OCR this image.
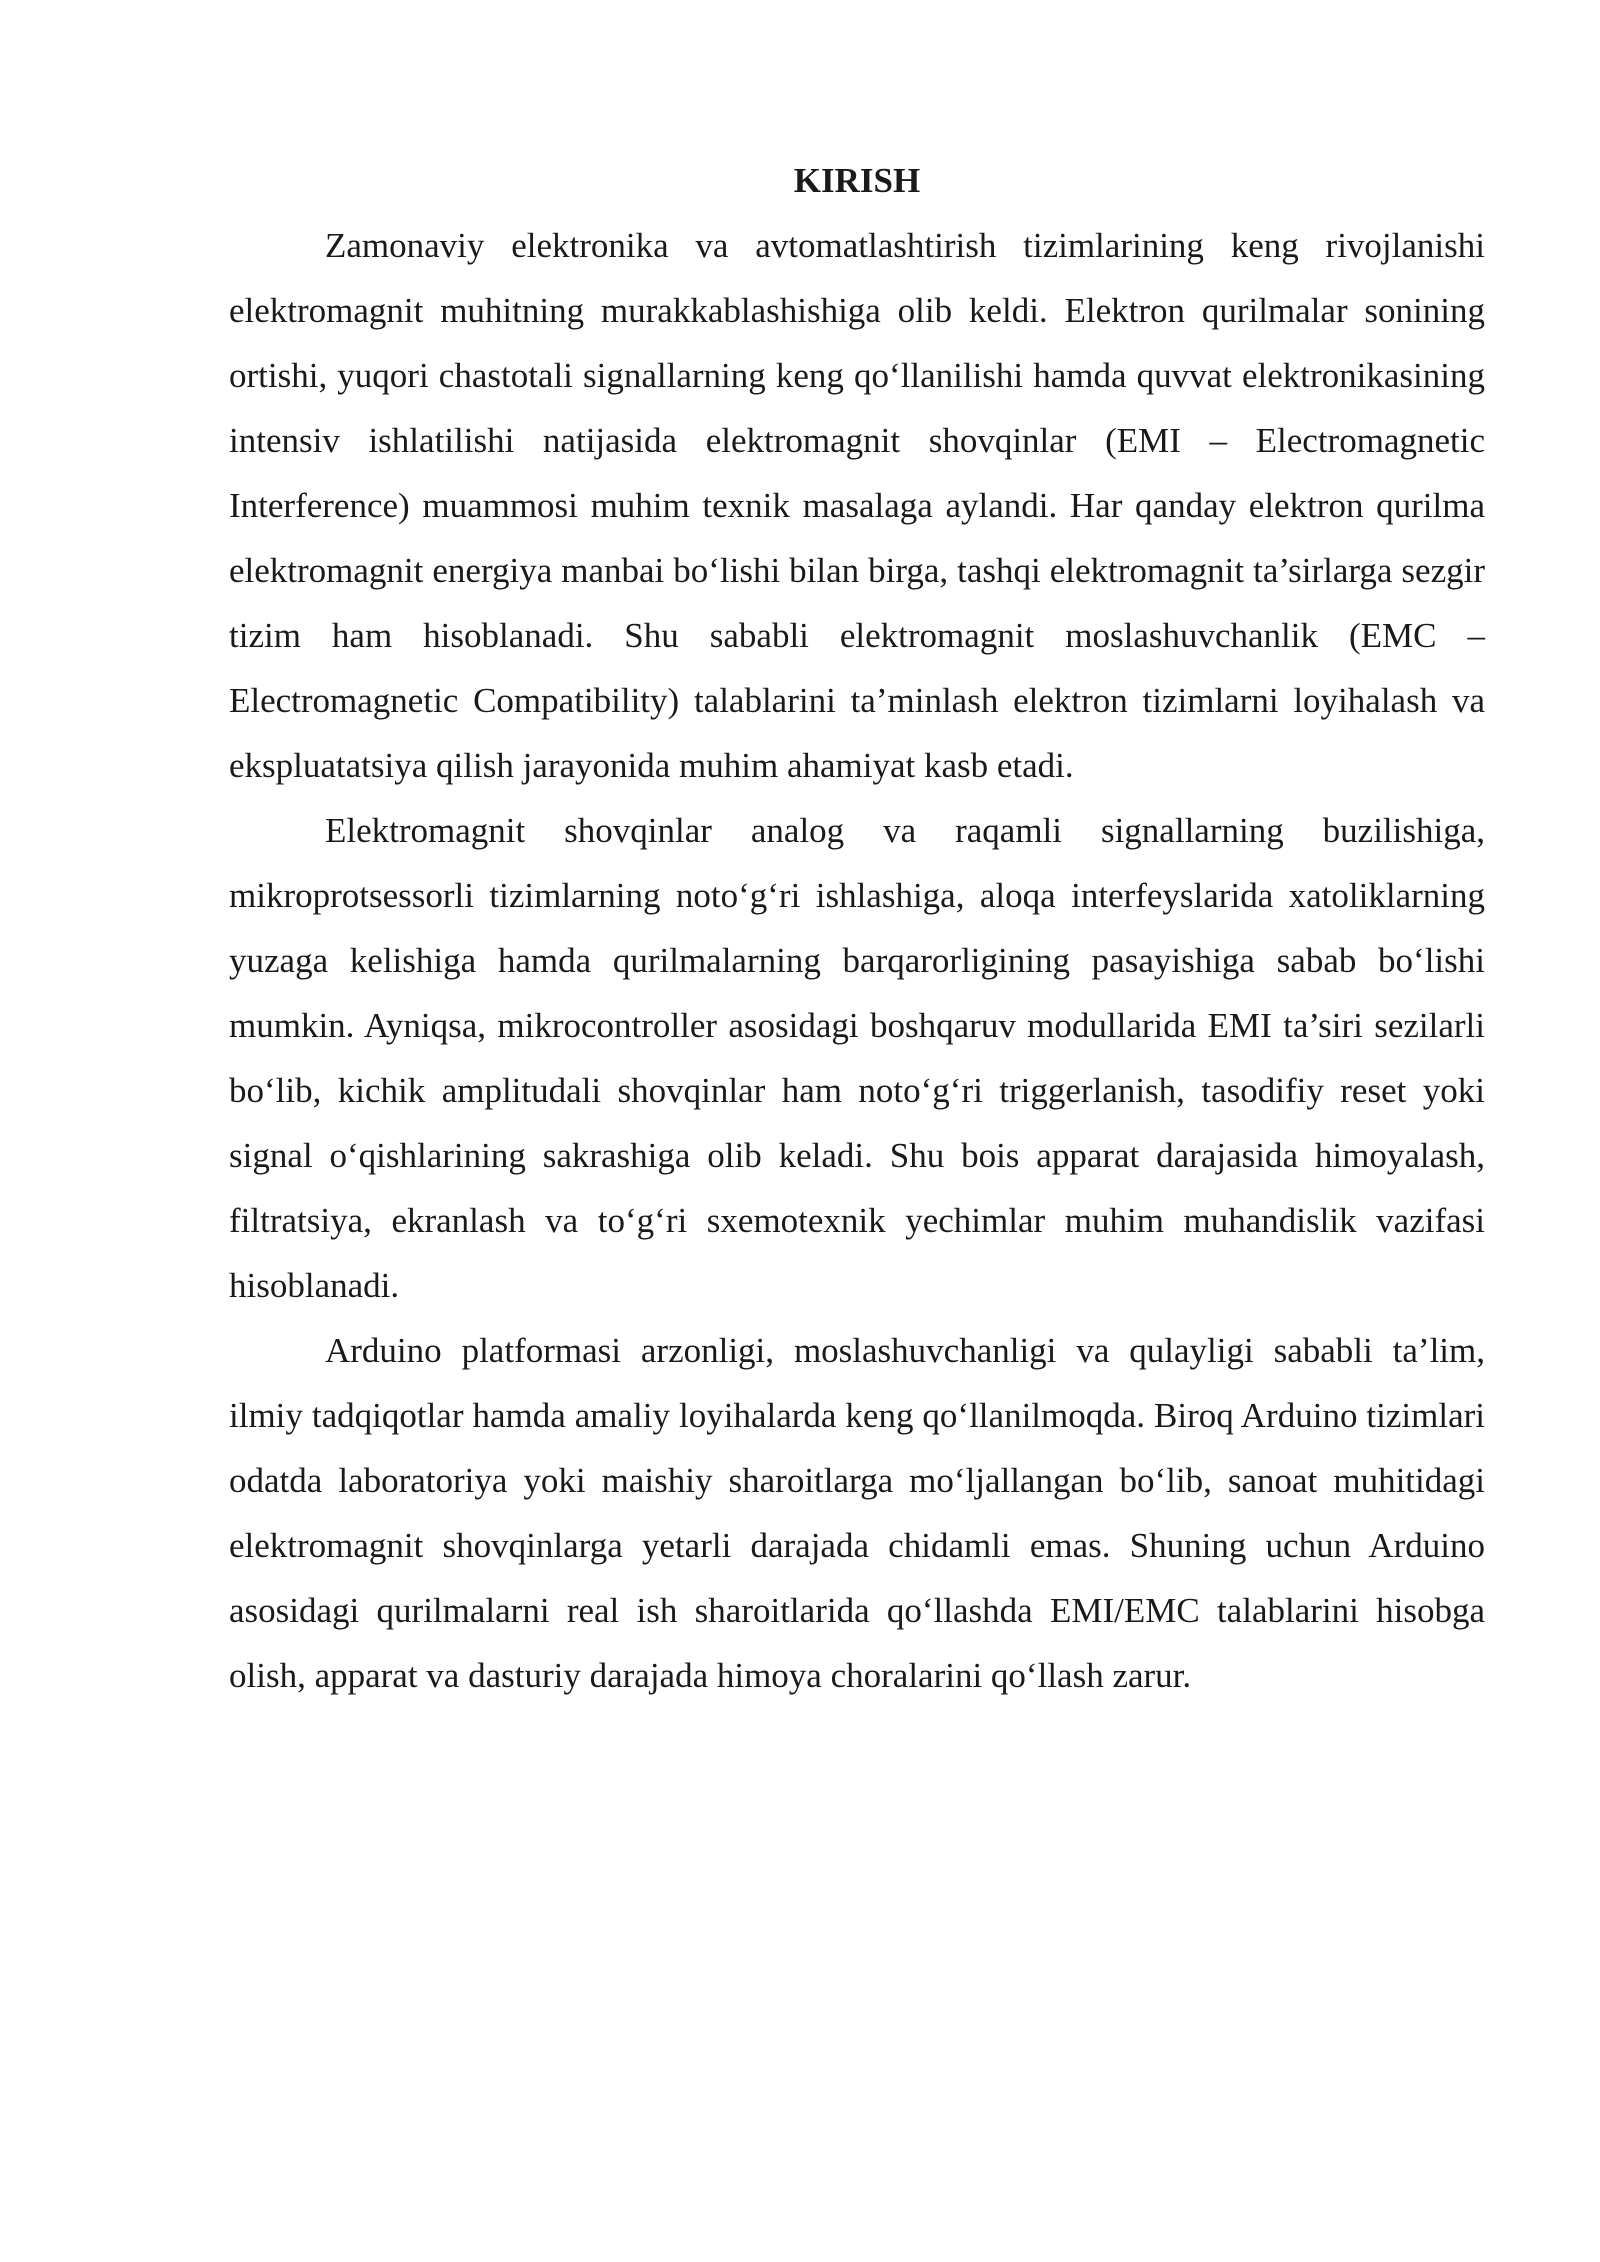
KIRISH

Zamonaviy elektronika va avtomatlashtirish tizimlarining keng rivojlanishi elektromagnit muhitning murakkablashishiga olib keldi. Elektron qurilmalar sonining ortishi, yuqori chastotali signallarning keng qo‘llanilishi hamda quvvat elektronikasining intensiv ishlatilishi natijasida elektromagnit shovqinlar (EMI – Electromagnetic Interference) muammosi muhim texnik masalaga aylandi. Har qanday elektron qurilma elektromagnit energiya manbai bo‘lishi bilan birga, tashqi elektromagnit ta’sirlarga sezgir tizim ham hisoblanadi. Shu sababli elektromagnit moslashuvchanlik (EMC – Electromagnetic Compatibility) talablarini ta’minlash elektron tizimlarni loyihalash va ekspluatatsiya qilish jarayonida muhim ahamiyat kasb etadi.

Elektromagnit shovqinlar analog va raqamli signallarning buzilishiga, mikroprotsessorli tizimlarning noto‘g‘ri ishlashiga, aloqa interfeyslarida xatoliklarning yuzaga kelishiga hamda qurilmalarning barqarorligining pasayishiga sabab bo‘lishi mumkin. Ayniqsa, mikrocontroller asosidagi boshqaruv modullarida EMI ta’siri sezilarli bo‘lib, kichik amplitudali shovqinlar ham noto‘g‘ri triggerlanish, tasodifiy reset yoki signal o‘qishlarining sakrashiga olib keladi. Shu bois apparat darajasida himoyalash, filtratsiya, ekranlash va to‘g‘ri sxemotexnik yechimlar muhim muhandislik vazifasi hisoblanadi.

Arduino platformasi arzonligi, moslashuvchanligi va qulayligi sababli ta’lim, ilmiy tadqiqotlar hamda amaliy loyihalarda keng qo‘llanilmoqda. Biroq Arduino tizimlari odatda laboratoriya yoki maishiy sharoitlarga mo‘ljallangan bo‘lib, sanoat muhitidagi elektromagnit shovqinlarga yetarli darajada chidamli emas. Shuning uchun Arduino asosidagi qurilmalarni real ish sharoitlarida qo‘llashda EMI/EMC talablarini hisobga olish, apparat va dasturiy darajada himoya choralarini qo‘llash zarur.
